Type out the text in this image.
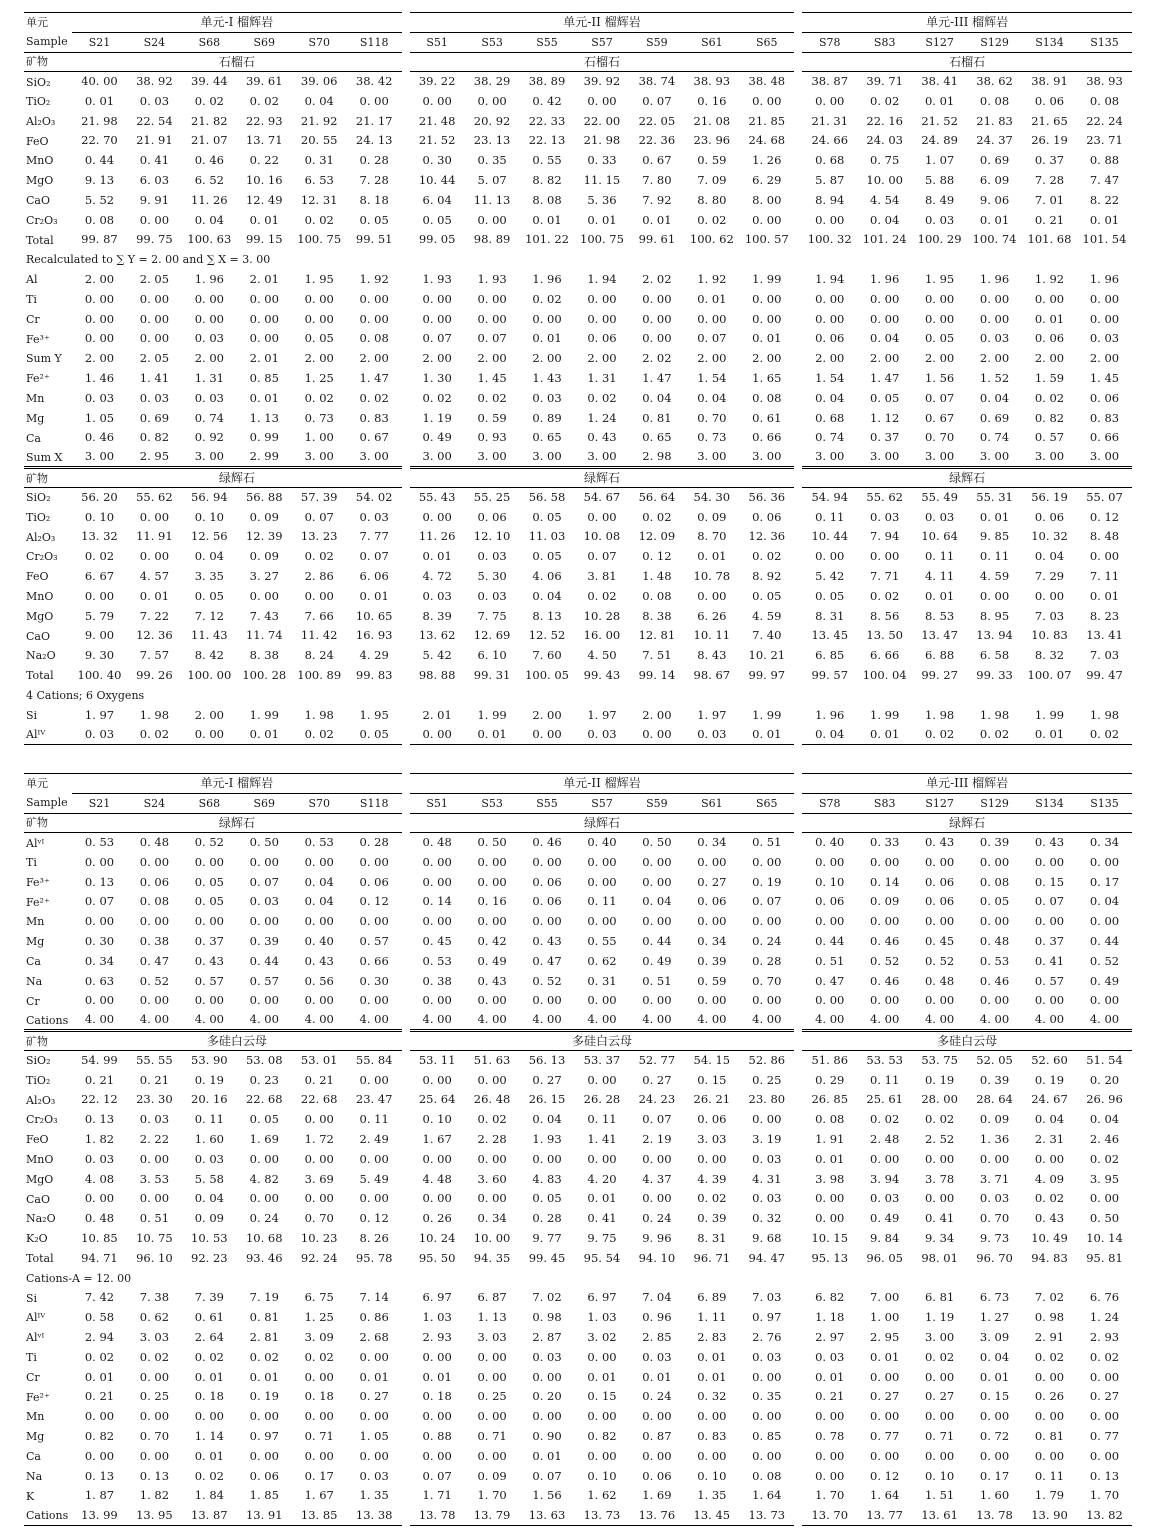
单元	单元-I 榴辉岩							单元-II 榴辉岩								单元-III 榴辉岩					
Sample	S21	S24	S68	S69	S70	S118		S51	S53	S55	S57	S59	S61	S65		S78	S83	S127	S129	S134	S135
矿物	石榴石							石榴石								石榴石					
SiO₂	40. 00	38. 92	39. 44	39. 61	39. 06	38. 42		39. 22	38. 29	38. 89	39. 92	38. 74	38. 93	38. 48		38. 87	39. 71	38. 41	38. 62	38. 91	38. 93
TiO₂	0. 01	0. 03	0. 02	0. 02	0. 04	0. 00		0. 00	0. 00	0. 42	0. 00	0. 07	0. 16	0. 00		0. 00	0. 02	0. 01	0. 08	0. 06	0. 08
Al₂O₃	21. 98	22. 54	21. 82	22. 93	21. 92	21. 17		21. 48	20. 92	22. 33	22. 00	22. 05	21. 08	21. 85		21. 31	22. 16	21. 52	21. 83	21. 65	22. 24
FeO	22. 70	21. 91	21. 07	13. 71	20. 55	24. 13		21. 52	23. 13	22. 13	21. 98	22. 36	23. 96	24. 68		24. 66	24. 03	24. 89	24. 37	26. 19	23. 71
MnO	0. 44	0. 41	0. 46	0. 22	0. 31	0. 28		0. 30	0. 35	0. 55	0. 33	0. 67	0. 59	1. 26		0. 68	0. 75	1. 07	0. 69	0. 37	0. 88
MgO	9. 13	6. 03	6. 52	10. 16	6. 53	7. 28		10. 44	5. 07	8. 82	11. 15	7. 80	7. 09	6. 29		5. 87	10. 00	5. 88	6. 09	7. 28	7. 47
CaO	5. 52	9. 91	11. 26	12. 49	12. 31	8. 18		6. 04	11. 13	8. 08	5. 36	7. 92	8. 80	8. 00		8. 94	4. 54	8. 49	9. 06	7. 01	8. 22
Cr₂O₃	0. 08	0. 00	0. 04	0. 01	0. 02	0. 05		0. 05	0. 00	0. 01	0. 01	0. 01	0. 02	0. 00		0. 00	0. 04	0. 03	0. 01	0. 21	0. 01
Total	99. 87	99. 75	100. 63	99. 15	100. 75	99. 51		99. 05	98. 89	101. 22	100. 75	99. 61	100. 62	100. 57		100. 32	101. 24	100. 29	100. 74	101. 68	101. 54
Recalculated to ∑ Y = 2. 00 and ∑ X = 3. 00																					
Al	2. 00	2. 05	1. 96	2. 01	1. 95	1. 92		1. 93	1. 93	1. 96	1. 94	2. 02	1. 92	1. 99		1. 94	1. 96	1. 95	1. 96	1. 92	1. 96
Ti	0. 00	0. 00	0. 00	0. 00	0. 00	0. 00		0. 00	0. 00	0. 02	0. 00	0. 00	0. 01	0. 00		0. 00	0. 00	0. 00	0. 00	0. 00	0. 00
Cr	0. 00	0. 00	0. 00	0. 00	0. 00	0. 00		0. 00	0. 00	0. 00	0. 00	0. 00	0. 00	0. 00		0. 00	0. 00	0. 00	0. 00	0. 01	0. 00
Fe³⁺	0. 00	0. 00	0. 03	0. 00	0. 05	0. 08		0. 07	0. 07	0. 01	0. 06	0. 00	0. 07	0. 01		0. 06	0. 04	0. 05	0. 03	0. 06	0. 03
Sum Y	2. 00	2. 05	2. 00	2. 01	2. 00	2. 00		2. 00	2. 00	2. 00	2. 00	2. 02	2. 00	2. 00		2. 00	2. 00	2. 00	2. 00	2. 00	2. 00
Fe²⁺	1. 46	1. 41	1. 31	0. 85	1. 25	1. 47		1. 30	1. 45	1. 43	1. 31	1. 47	1. 54	1. 65		1. 54	1. 47	1. 56	1. 52	1. 59	1. 45
Mn	0. 03	0. 03	0. 03	0. 01	0. 02	0. 02		0. 02	0. 02	0. 03	0. 02	0. 04	0. 04	0. 08		0. 04	0. 05	0. 07	0. 04	0. 02	0. 06
Mg	1. 05	0. 69	0. 74	1. 13	0. 73	0. 83		1. 19	0. 59	0. 89	1. 24	0. 81	0. 70	0. 61		0. 68	1. 12	0. 67	0. 69	0. 82	0. 83
Ca	0. 46	0. 82	0. 92	0. 99	1. 00	0. 67		0. 49	0. 93	0. 65	0. 43	0. 65	0. 73	0. 66		0. 74	0. 37	0. 70	0. 74	0. 57	0. 66
Sum X	3. 00	2. 95	3. 00	2. 99	3. 00	3. 00		3. 00	3. 00	3. 00	3. 00	2. 98	3. 00	3. 00		3. 00	3. 00	3. 00	3. 00	3. 00	3. 00
矿物	绿辉石							绿辉石								绿辉石					
SiO₂	56. 20	55. 62	56. 94	56. 88	57. 39	54. 02		55. 43	55. 25	56. 58	54. 67	56. 64	54. 30	56. 36		54. 94	55. 62	55. 49	55. 31	56. 19	55. 07
TiO₂	0. 10	0. 00	0. 10	0. 09	0. 07	0. 03		0. 00	0. 06	0. 05	0. 00	0. 02	0. 09	0. 06		0. 11	0. 03	0. 03	0. 01	0. 06	0. 12
Al₂O₃	13. 32	11. 91	12. 56	12. 39	13. 23	7. 77		11. 26	12. 10	11. 03	10. 08	12. 09	8. 70	12. 36		10. 44	7. 94	10. 64	9. 85	10. 32	8. 48
Cr₂O₃	0. 02	0. 00	0. 04	0. 09	0. 02	0. 07		0. 01	0. 03	0. 05	0. 07	0. 12	0. 01	0. 02		0. 00	0. 00	0. 11	0. 11	0. 04	0. 00
FeO	6. 67	4. 57	3. 35	3. 27	2. 86	6. 06		4. 72	5. 30	4. 06	3. 81	1. 48	10. 78	8. 92		5. 42	7. 71	4. 11	4. 59	7. 29	7. 11
MnO	0. 00	0. 01	0. 05	0. 00	0. 00	0. 01		0. 03	0. 03	0. 04	0. 02	0. 08	0. 00	0. 05		0. 05	0. 02	0. 01	0. 00	0. 00	0. 01
MgO	5. 79	7. 22	7. 12	7. 43	7. 66	10. 65		8. 39	7. 75	8. 13	10. 28	8. 38	6. 26	4. 59		8. 31	8. 56	8. 53	8. 95	7. 03	8. 23
CaO	9. 00	12. 36	11. 43	11. 74	11. 42	16. 93		13. 62	12. 69	12. 52	16. 00	12. 81	10. 11	7. 40		13. 45	13. 50	13. 47	13. 94	10. 83	13. 41
Na₂O	9. 30	7. 57	8. 42	8. 38	8. 24	4. 29		5. 42	6. 10	7. 60	4. 50	7. 51	8. 43	10. 21		6. 85	6. 66	6. 88	6. 58	8. 32	7. 03
Total	100. 40	99. 26	100. 00	100. 28	100. 89	99. 83		98. 88	99. 31	100. 05	99. 43	99. 14	98. 67	99. 97		99. 57	100. 04	99. 27	99. 33	100. 07	99. 47
4 Cations; 6 Oxygens																					
Si	1. 97	1. 98	2. 00	1. 99	1. 98	1. 95		2. 01	1. 99	2. 00	1. 97	2. 00	1. 97	1. 99		1. 96	1. 99	1. 98	1. 98	1. 99	1. 98
Alᴵⱽ	0. 03	0. 02	0. 00	0. 01	0. 02	0. 05		0. 00	0. 01	0. 00	0. 03	0. 00	0. 03	0. 01		0. 04	0. 01	0. 02	0. 02	0. 01	0. 02
单元	单元-I 榴辉岩							单元-II 榴辉岩								单元-III 榴辉岩					
Sample	S21	S24	S68	S69	S70	S118		S51	S53	S55	S57	S59	S61	S65		S78	S83	S127	S129	S134	S135
矿物	绿辉石							绿辉石								绿辉石					
Alᵛᴵ	0. 53	0. 48	0. 52	0. 50	0. 53	0. 28		0. 48	0. 50	0. 46	0. 40	0. 50	0. 34	0. 51		0. 40	0. 33	0. 43	0. 39	0. 43	0. 34
Ti	0. 00	0. 00	0. 00	0. 00	0. 00	0. 00		0. 00	0. 00	0. 00	0. 00	0. 00	0. 00	0. 00		0. 00	0. 00	0. 00	0. 00	0. 00	0. 00
Fe³⁺	0. 13	0. 06	0. 05	0. 07	0. 04	0. 06		0. 00	0. 00	0. 06	0. 00	0. 00	0. 27	0. 19		0. 10	0. 14	0. 06	0. 08	0. 15	0. 17
Fe²⁺	0. 07	0. 08	0. 05	0. 03	0. 04	0. 12		0. 14	0. 16	0. 06	0. 11	0. 04	0. 06	0. 07		0. 06	0. 09	0. 06	0. 05	0. 07	0. 04
Mn	0. 00	0. 00	0. 00	0. 00	0. 00	0. 00		0. 00	0. 00	0. 00	0. 00	0. 00	0. 00	0. 00		0. 00	0. 00	0. 00	0. 00	0. 00	0. 00
Mg	0. 30	0. 38	0. 37	0. 39	0. 40	0. 57		0. 45	0. 42	0. 43	0. 55	0. 44	0. 34	0. 24		0. 44	0. 46	0. 45	0. 48	0. 37	0. 44
Ca	0. 34	0. 47	0. 43	0. 44	0. 43	0. 66		0. 53	0. 49	0. 47	0. 62	0. 49	0. 39	0. 28		0. 51	0. 52	0. 52	0. 53	0. 41	0. 52
Na	0. 63	0. 52	0. 57	0. 57	0. 56	0. 30		0. 38	0. 43	0. 52	0. 31	0. 51	0. 59	0. 70		0. 47	0. 46	0. 48	0. 46	0. 57	0. 49
Cr	0. 00	0. 00	0. 00	0. 00	0. 00	0. 00		0. 00	0. 00	0. 00	0. 00	0. 00	0. 00	0. 00		0. 00	0. 00	0. 00	0. 00	0. 00	0. 00
Cations	4. 00	4. 00	4. 00	4. 00	4. 00	4. 00		4. 00	4. 00	4. 00	4. 00	4. 00	4. 00	4. 00		4. 00	4. 00	4. 00	4. 00	4. 00	4. 00
矿物	多硅白云母							多硅白云母								多硅白云母					
SiO₂	54. 99	55. 55	53. 90	53. 08	53. 01	55. 84		53. 11	51. 63	56. 13	53. 37	52. 77	54. 15	52. 86		51. 86	53. 53	53. 75	52. 05	52. 60	51. 54
TiO₂	0. 21	0. 21	0. 19	0. 23	0. 21	0. 00		0. 00	0. 00	0. 27	0. 00	0. 27	0. 15	0. 25		0. 29	0. 11	0. 19	0. 39	0. 19	0. 20
Al₂O₃	22. 12	23. 30	20. 16	22. 68	22. 68	23. 47		25. 64	26. 48	26. 15	26. 28	24. 23	26. 21	23. 80		26. 85	25. 61	28. 00	28. 64	24. 67	26. 96
Cr₂O₃	0. 13	0. 03	0. 11	0. 05	0. 00	0. 11		0. 10	0. 02	0. 04	0. 11	0. 07	0. 06	0. 00		0. 08	0. 02	0. 02	0. 09	0. 04	0. 04
FeO	1. 82	2. 22	1. 60	1. 69	1. 72	2. 49		1. 67	2. 28	1. 93	1. 41	2. 19	3. 03	3. 19		1. 91	2. 48	2. 52	1. 36	2. 31	2. 46
MnO	0. 03	0. 00	0. 03	0. 00	0. 00	0. 00		0. 00	0. 00	0. 00	0. 00	0. 00	0. 00	0. 03		0. 01	0. 00	0. 00	0. 00	0. 00	0. 02
MgO	4. 08	3. 53	5. 58	4. 82	3. 69	5. 49		4. 48	3. 60	4. 83	4. 20	4. 37	4. 39	4. 31		3. 98	3. 94	3. 78	3. 71	4. 09	3. 95
CaO	0. 00	0. 00	0. 04	0. 00	0. 00	0. 00		0. 00	0. 00	0. 05	0. 01	0. 00	0. 02	0. 03		0. 00	0. 03	0. 00	0. 03	0. 02	0. 00
Na₂O	0. 48	0. 51	0. 09	0. 24	0. 70	0. 12		0. 26	0. 34	0. 28	0. 41	0. 24	0. 39	0. 32		0. 00	0. 49	0. 41	0. 70	0. 43	0. 50
K₂O	10. 85	10. 75	10. 53	10. 68	10. 23	8. 26		10. 24	10. 00	9. 77	9. 75	9. 96	8. 31	9. 68		10. 15	9. 84	9. 34	9. 73	10. 49	10. 14
Total	94. 71	96. 10	92. 23	93. 46	92. 24	95. 78		95. 50	94. 35	99. 45	95. 54	94. 10	96. 71	94. 47		95. 13	96. 05	98. 01	96. 70	94. 83	95. 81
Cations-A = 12. 00																					
Si	7. 42	7. 38	7. 39	7. 19	6. 75	7. 14		6. 97	6. 87	7. 02	6. 97	7. 04	6. 89	7. 03		6. 82	7. 00	6. 81	6. 73	7. 02	6. 76
Alᴵⱽ	0. 58	0. 62	0. 61	0. 81	1. 25	0. 86		1. 03	1. 13	0. 98	1. 03	0. 96	1. 11	0. 97		1. 18	1. 00	1. 19	1. 27	0. 98	1. 24
Alᵛᴵ	2. 94	3. 03	2. 64	2. 81	3. 09	2. 68		2. 93	3. 03	2. 87	3. 02	2. 85	2. 83	2. 76		2. 97	2. 95	3. 00	3. 09	2. 91	2. 93
Ti	0. 02	0. 02	0. 02	0. 02	0. 02	0. 00		0. 00	0. 00	0. 03	0. 00	0. 03	0. 01	0. 03		0. 03	0. 01	0. 02	0. 04	0. 02	0. 02
Cr	0. 01	0. 00	0. 01	0. 01	0. 00	0. 01		0. 01	0. 00	0. 00	0. 01	0. 01	0. 01	0. 00		0. 01	0. 00	0. 00	0. 01	0. 00	0. 00
Fe²⁺	0. 21	0. 25	0. 18	0. 19	0. 18	0. 27		0. 18	0. 25	0. 20	0. 15	0. 24	0. 32	0. 35		0. 21	0. 27	0. 27	0. 15	0. 26	0. 27
Mn	0. 00	0. 00	0. 00	0. 00	0. 00	0. 00		0. 00	0. 00	0. 00	0. 00	0. 00	0. 00	0. 00		0. 00	0. 00	0. 00	0. 00	0. 00	0. 00
Mg	0. 82	0. 70	1. 14	0. 97	0. 71	1. 05		0. 88	0. 71	0. 90	0. 82	0. 87	0. 83	0. 85		0. 78	0. 77	0. 71	0. 72	0. 81	0. 77
Ca	0. 00	0. 00	0. 01	0. 00	0. 00	0. 00		0. 00	0. 00	0. 01	0. 00	0. 00	0. 00	0. 00		0. 00	0. 00	0. 00	0. 00	0. 00	0. 00
Na	0. 13	0. 13	0. 02	0. 06	0. 17	0. 03		0. 07	0. 09	0. 07	0. 10	0. 06	0. 10	0. 08		0. 00	0. 12	0. 10	0. 17	0. 11	0. 13
K	1. 87	1. 82	1. 84	1. 85	1. 67	1. 35		1. 71	1. 70	1. 56	1. 62	1. 69	1. 35	1. 64		1. 70	1. 64	1. 51	1. 60	1. 79	1. 70
Cations	13. 99	13. 95	13. 87	13. 91	13. 85	13. 38		13. 78	13. 79	13. 63	13. 73	13. 76	13. 45	13. 73		13. 70	13. 77	13. 61	13. 78	13. 90	13. 82
